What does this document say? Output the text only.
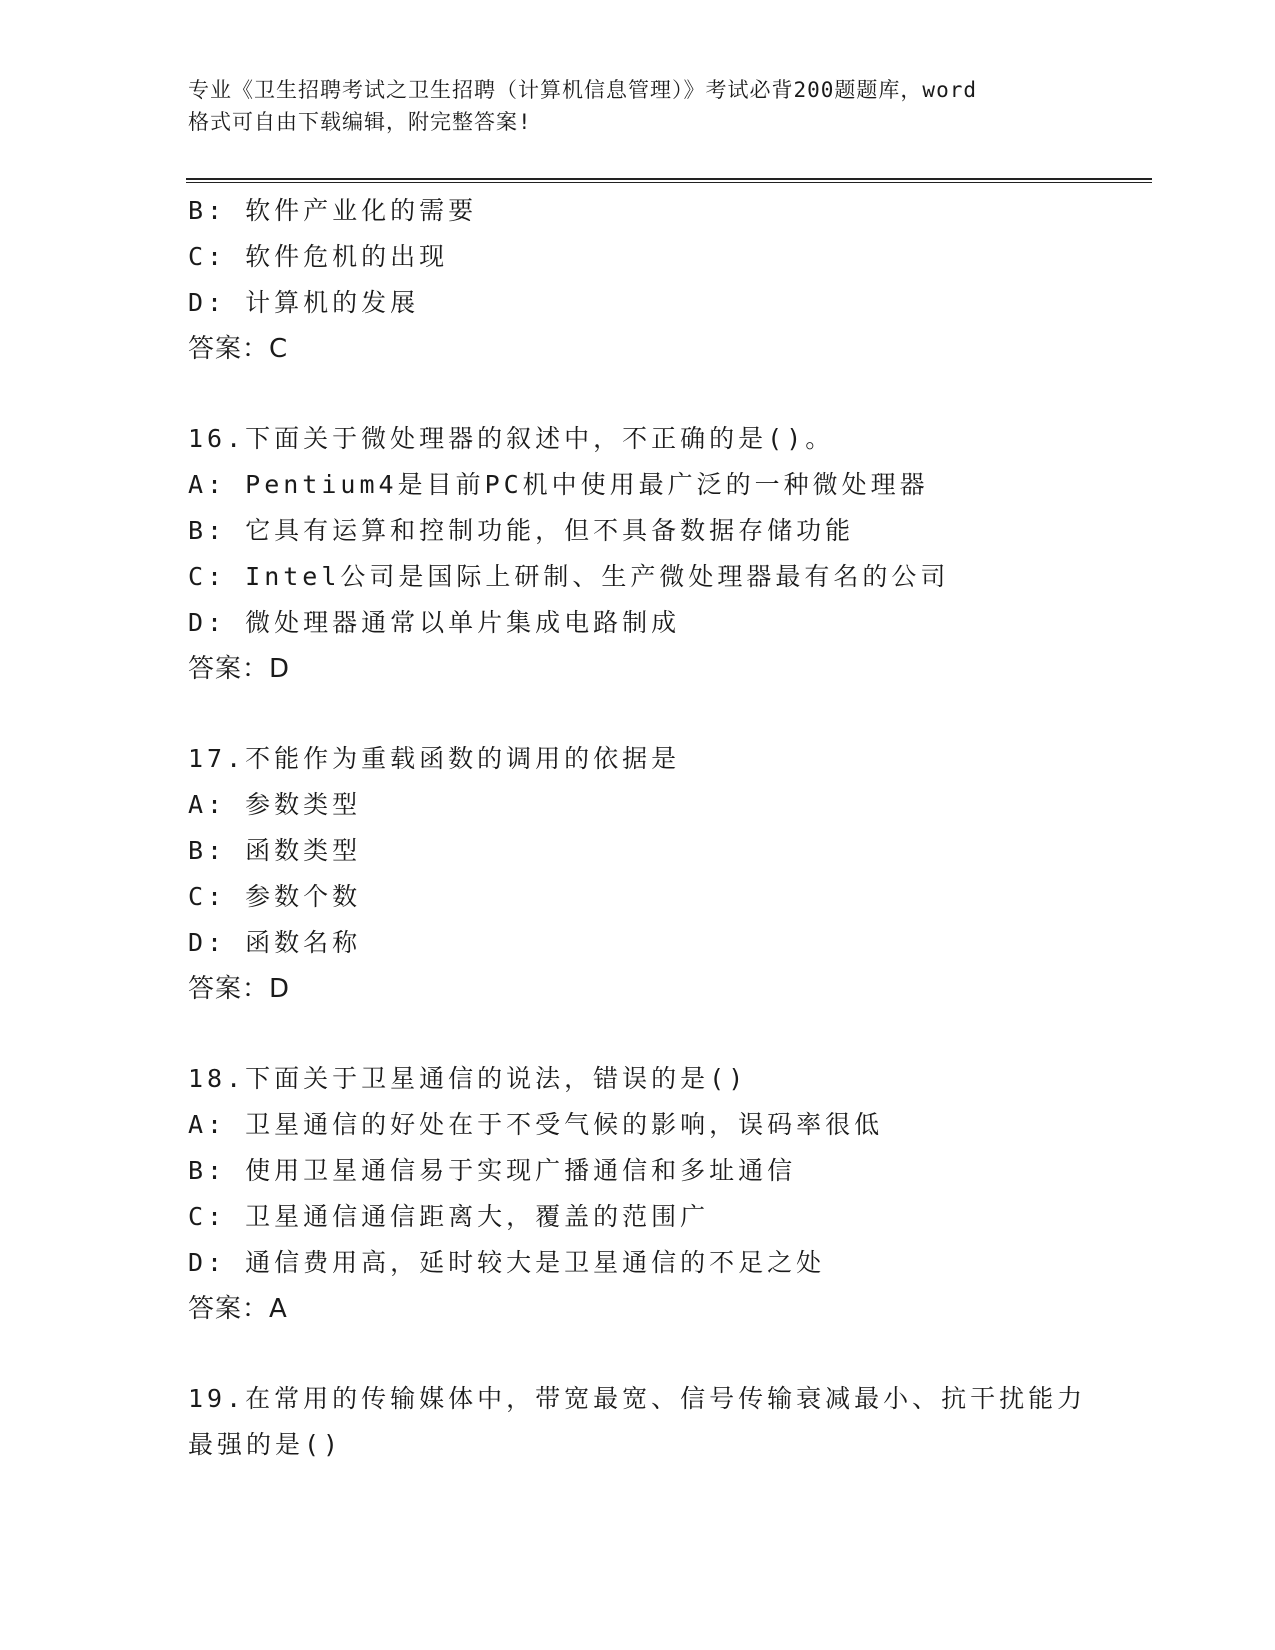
专业《卫生招聘考试之卫生招聘（计算机信息管理）》考试必背200题题库，word
格式可自由下载编辑，附完整答案!
B: 软件产业化的需要
C: 软件危机的出现
D: 计算机的发展
答案：C
16.下面关于微处理器的叙述中，不正确的是()。
A: Pentium4是目前PC机中使用最广泛的一种微处理器
B: 它具有运算和控制功能，但不具备数据存储功能
C: Intel公司是国际上研制、生产微处理器最有名的公司
D: 微处理器通常以单片集成电路制成
答案：D
17.不能作为重载函数的调用的依据是
A: 参数类型
B: 函数类型
C: 参数个数
D: 函数名称
答案：D
18.下面关于卫星通信的说法，错误的是()
A: 卫星通信的好处在于不受气候的影响，误码率很低
B: 使用卫星通信易于实现广播通信和多址通信
C: 卫星通信通信距离大，覆盖的范围广
D: 通信费用高，延时较大是卫星通信的不足之处
答案：A
19.在常用的传输媒体中，带宽最宽、信号传输衰减最小、抗干扰能力
最强的是()
